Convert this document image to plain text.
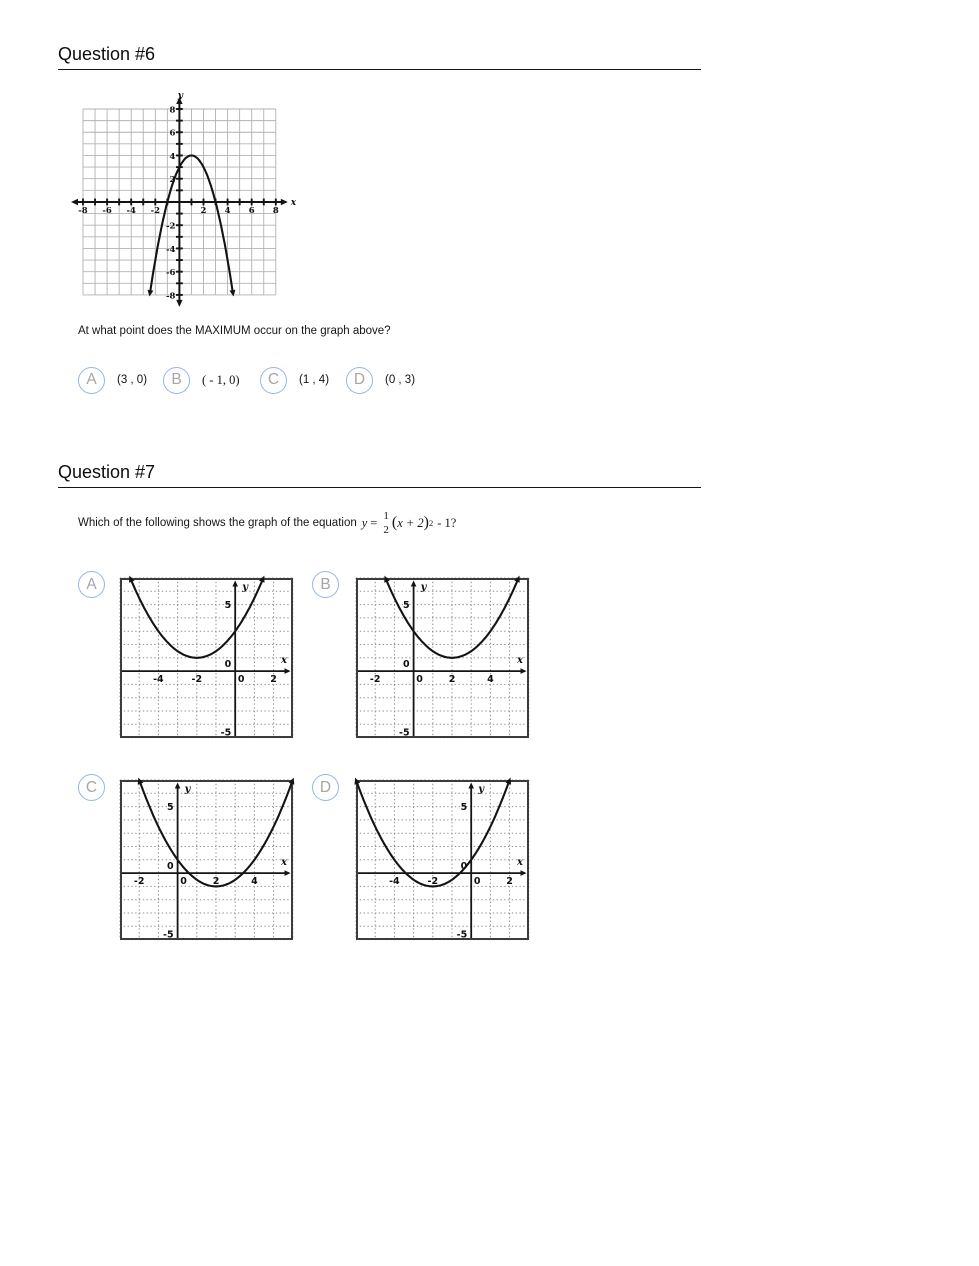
Question #6
-8 -6 -4 -2	2 4 6 8
8
6
4
2
-2
-4
-6
-8
y
x
At what point does the MAXIMUM occur on the graph above?
A	(3 , 0)	B	( - 1, 0)	C	(1 , 4)	D	(0 , 3)
Question #7
Which of the following shows the graph of the equation y = 1
2 ( x + 2 ) 2 - 1?
A
-4	-2	0	2
5
0
-5
y
x
B
-2	0	2	4
5
0
-5
y
x
C
-2	0	2	4
5
0
-5
y
x
D
-4	-2	0	2
5
0
-5
y
x
